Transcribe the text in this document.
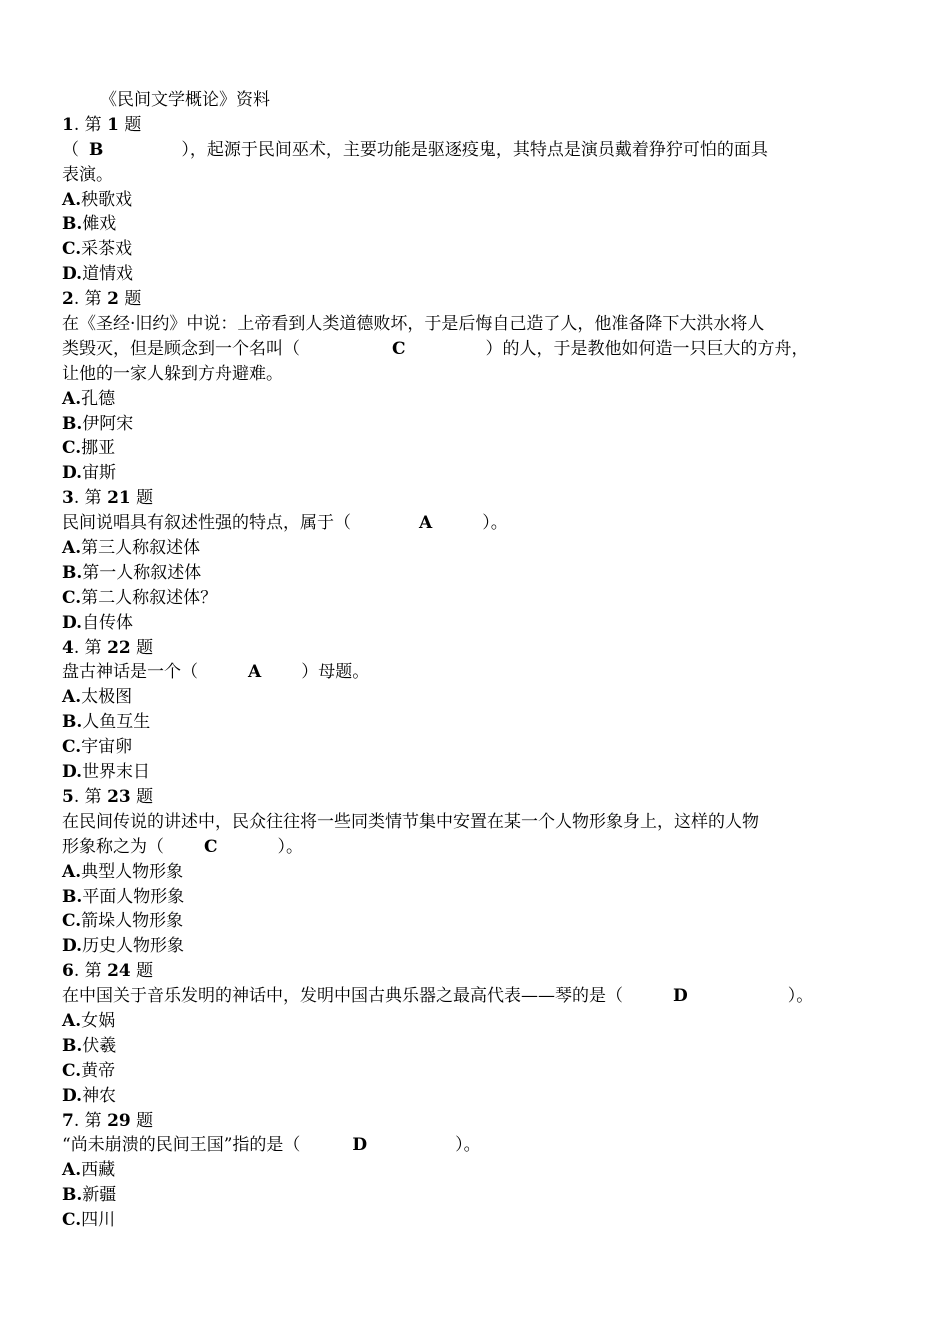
《民间文学概论》资料
1. 第 1 题
（ B	），起源于民间巫术，主要功能是驱逐疫鬼，其特点是演员戴着狰狞可怕的面具
表演。
A.秧歌戏
B.傩戏
C.采茶戏
D.道情戏
2. 第 2 题
在《圣经·旧约》中说：上帝看到人类道德败坏，于是后悔自己造了人，他准备降下大洪水将人
类毁灭，但是顾念到一个名叫（	C	）的人，于是教他如何造一只巨大的方舟，
让他的一家人躲到方舟避难。
A.孔德
B.伊阿宋
C.挪亚
D.宙斯
3. 第 21 题
民间说唱具有叙述性强的特点，属于（	A	）。
A.第三人称叙述体
B.第一人称叙述体
C.第二人称叙述体？
D.自传体
4. 第 22 题
盘古神话是一个（	A ）母题。
A.太极图
B.人鱼互生
C.宇宙卵
D.世界末日
5. 第 23 题
在民间传说的讲述中，民众往往将一些同类情节集中安置在某一个人物形象身上，这样的人物
形象称之为（ C	）。
A.典型人物形象
B.平面人物形象
C.箭垛人物形象
D.历史人物形象
6. 第 24 题
在中国关于音乐发明的神话中，发明中国古典乐器之最高代表——琴的是（	D	）。
A.女娲
B.伏羲
C.黄帝
D.神农
7. 第 29 题
“尚未崩溃的民间王国”指的是（	D	）。
A.西藏
B.新疆
C.四川
